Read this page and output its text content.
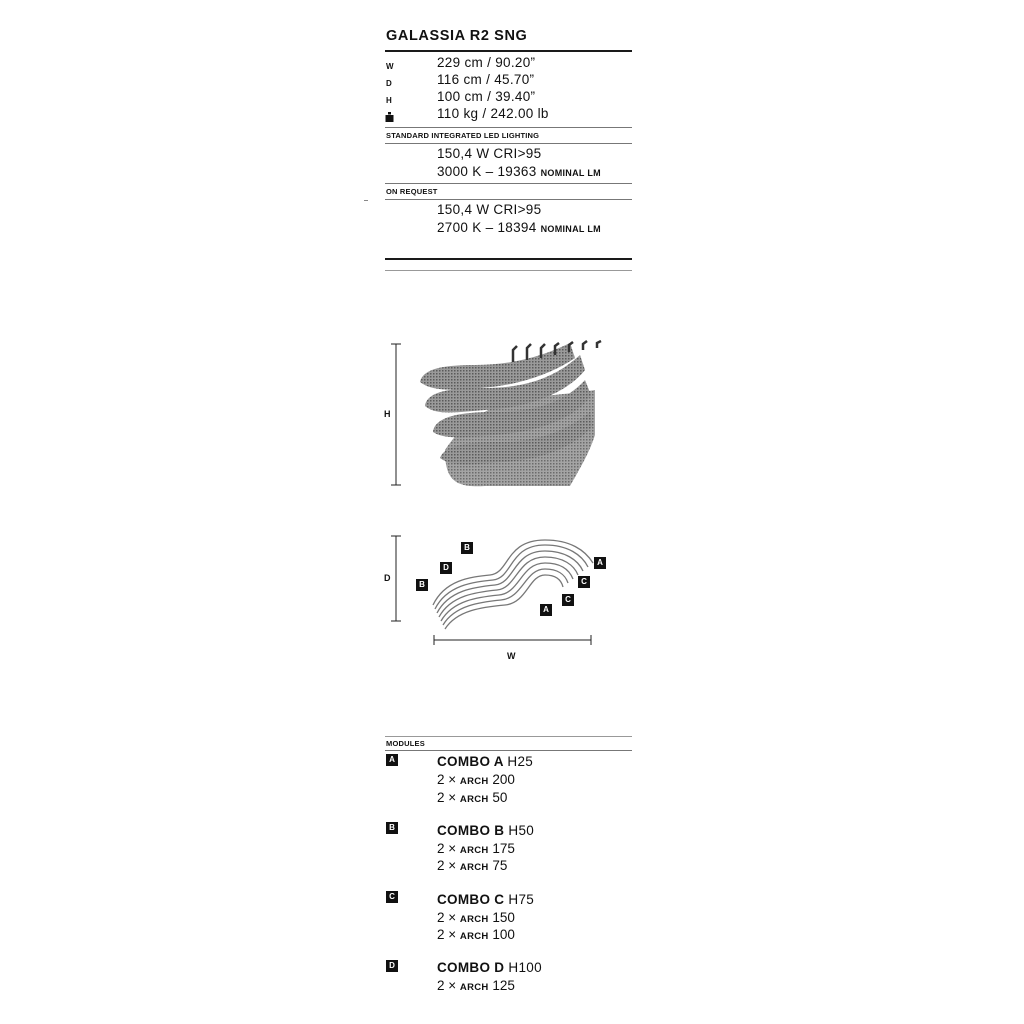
GALASSIA R2 SNG
W	229 cm / 90.20”
D	116 cm / 45.70”
H	100 cm / 39.40”
110 kg / 242.00 lb
STANDARD INTEGRATED LED LIGHTING
150,4 W CRI>95
3000 K – 19363 NOMINAL LM
ON REQUEST
150,4 W CRI>95
2700 K – 18394 NOMINAL LM
H
B
D
B
A
C
C
A
D
W
MODULES
A	COMBO A H25
2 × ARCH 200
2 × ARCH 50
B	COMBO B H50
2 × ARCH 175
2 × ARCH 75
C	COMBO C H75
2 × ARCH 150
2 × ARCH 100
D	COMBO D H100
2 × ARCH 125
